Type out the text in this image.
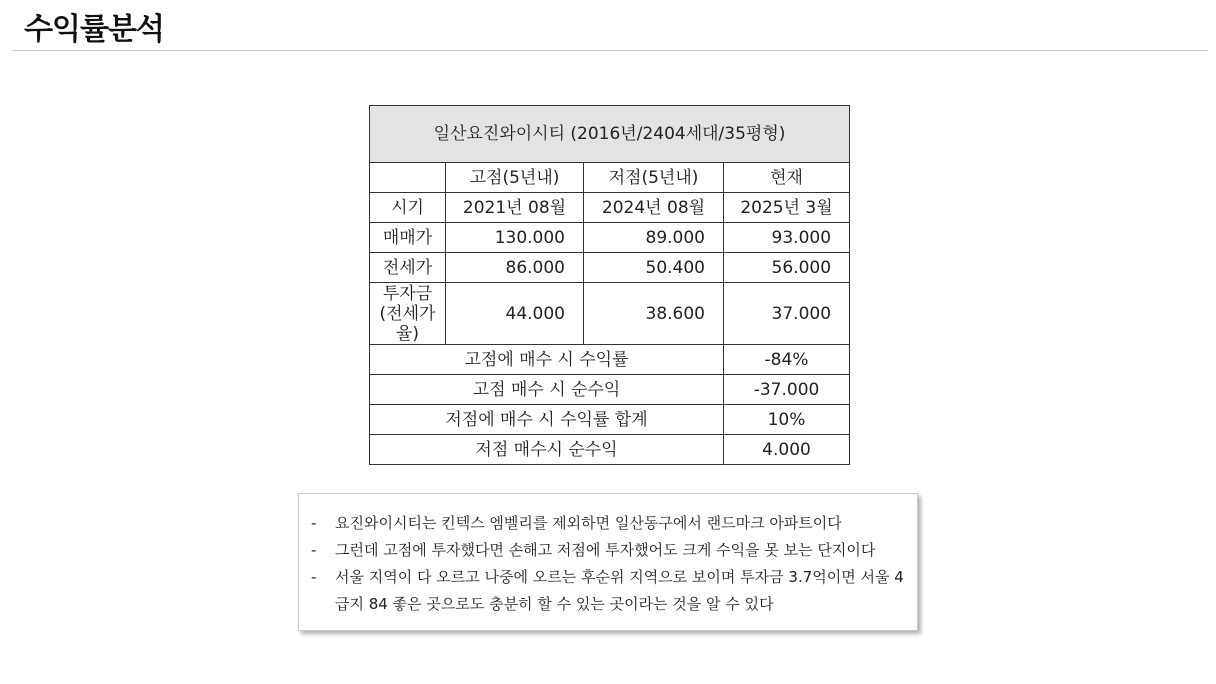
수익률분석
일산요진와이시티 (2016년/2404세대/35평형)			
	고점(5년내)	저점(5년내)	현재
시기	2021년 08월	2024년 08월	2025년 3월
매매가	130.000	89.000	93.000
전세가	86.000	50.400	56.000
투자금
(전세가율)	44.000	38.600	37.000
고점에 매수 시 수익률			-84%
고점 매수 시 순수익			-37.000
저점에 매수 시 수익률 합계			10%
저점 매수시 순수익			4.000
- 요진와이시티는 킨텍스 엠벨리를 제외하면 일산동구에서 랜드마크 아파트이다
- 그런데 고점에 투자했다면 손해고 저점에 투자했어도 크게 수익을 못 보는 단지이다
- 서울 지역이 다 오르고 나중에 오르는 후순위 지역으로 보이며 투자금 3.7억이면 서울 4급지 84 좋은 곳으로도 충분히 할 수 있는 곳이라는 것을 알 수 있다
